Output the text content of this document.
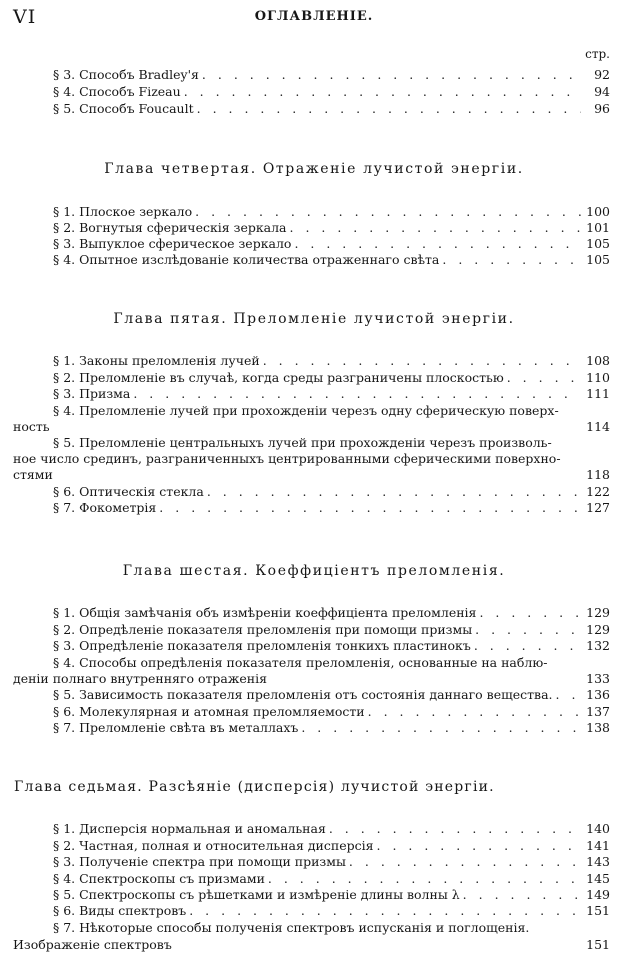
VI	ОГЛАВЛЕНІЕ.
стр.
§ 3. Способъ Bradley'я . . .	92
§ 4. Способъ Fizeau . . .	94
§ 5. Способъ Foucault . . .	96
Глава четвертая. Отраженіе лучистой энергіи.
§ 1. Плоское зеркало . . .	100
§ 2. Вогнутыя сферическія зеркала . . .	101
§ 3. Выпуклое сферическое зеркало . . .	105
§ 4. Опытное изслѣдованіе количества отраженнаго свѣта . . .	105
Глава пятая. Преломленіе лучистой энергіи.
§ 1. Законы преломленія лучей . . .	108
§ 2. Преломленіе въ случаѣ, когда среды разграничены плоскостью . . .	110
§ 3. Призма . . .	111
§ 4. Преломленіе лучей при прохожденіи черезъ одну сферическую поверх-
ность	114
§ 5. Преломленіе центральныхъ лучей при прохожденіи черезъ произволь-
ное число срединъ, разграниченныхъ центрированными сферическими поверхно-
стями	118
§ 6. Оптическія стекла . . .	122
§ 7. Фокометрія . . .	127
Глава шестая. Коеффиціентъ преломленія.
§ 1. Общія замѣчанія объ измѣреніи коеффиціента преломленія . . .	129
§ 2. Опредѣленіе показателя преломленія при помощи призмы . . .	129
§ 3. Опредѣленіе показателя преломленія тонкихъ пластинокъ . . .	132
§ 4. Способы опредѣленія показателя преломленія, основанные на наблю-
деніи полнаго внутренняго отраженія	133
§ 5. Зависимость показателя преломленія отъ состоянія даннаго вещества. . . .	136
§ 6. Молекулярная и атомная преломляемости . . .	137
§ 7. Преломленіе свѣта въ металлахъ . . .	138
Глава седьмая. Разсѣяніе (дисперсія) лучистой энергіи.
§ 1. Дисперсія нормальная и аномальная . . .	140
§ 2. Частная, полная и относительная дисперсія . . .	141
§ 3. Полученіе спектра при помощи призмы . . .	143
§ 4. Спектроскопы съ призмами . . .	145
§ 5. Спектроскопы съ рѣшетками и измѣреніе длины волны λ . . .	149
§ 6. Виды спектровъ . . .	151
§ 7. Нѣкоторые способы полученія спектровъ испусканія и поглощенія.
Изображеніе спектровъ	151
